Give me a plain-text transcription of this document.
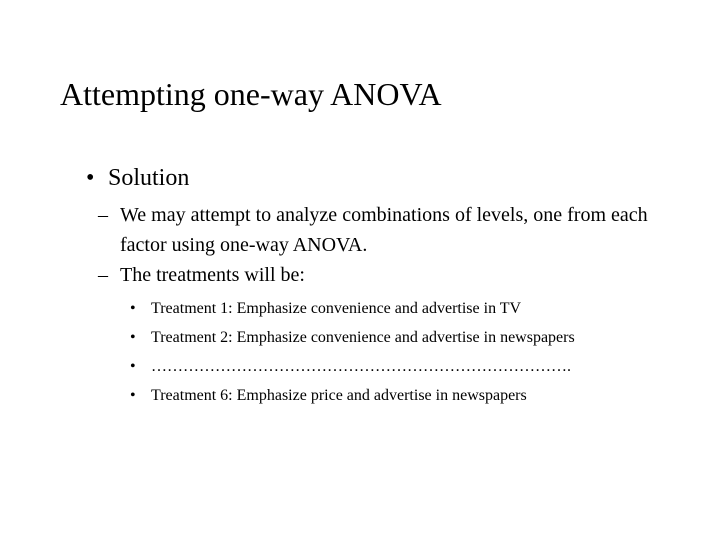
Attempting one-way ANOVA
• Solution
– We may attempt to analyze combinations of levels, one from each factor using one-way ANOVA.
– The treatments will be:
• Treatment 1: Emphasize convenience and advertise in TV
• Treatment 2: Emphasize convenience and advertise in newspapers
• …………………………………………………………………….
• Treatment 6: Emphasize price and advertise in newspapers
